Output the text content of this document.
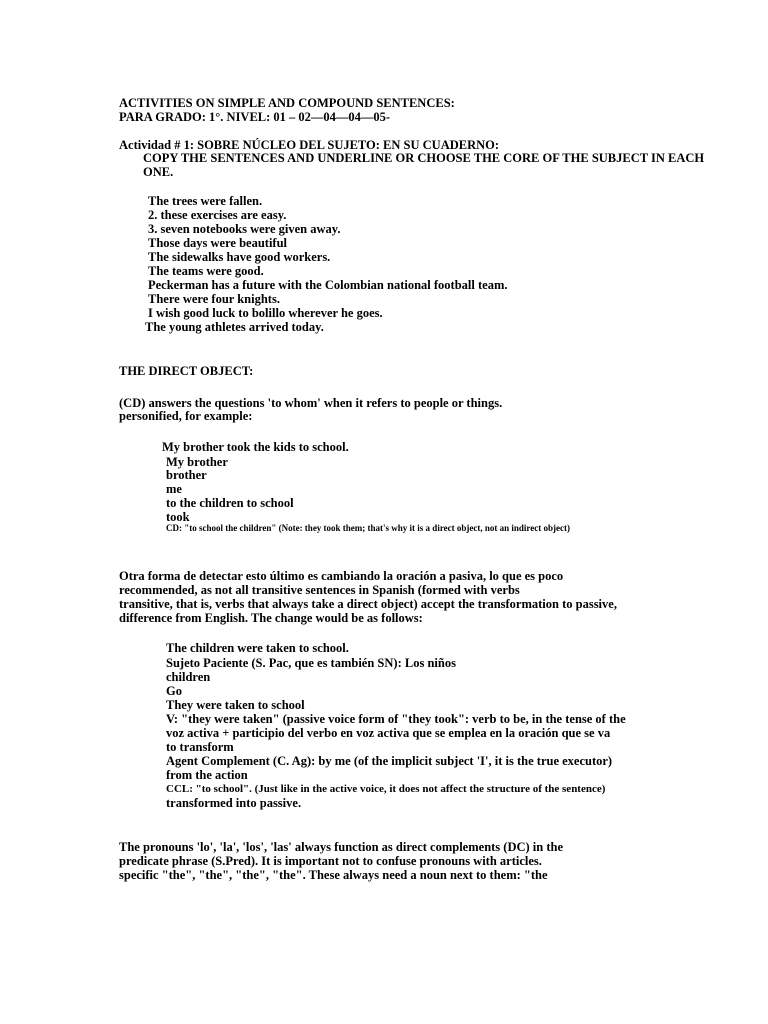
ACTIVITIES ON SIMPLE AND COMPOUND SENTENCES:
PARA GRADO: 1°. NIVEL: 01 – 02—04—04—05-
Actividad # 1: SOBRE NÚCLEO DEL SUJETO: EN SU CUADERNO:
COPY THE SENTENCES AND UNDERLINE OR CHOOSE THE CORE OF THE SUBJECT IN EACH
ONE.
The trees were fallen.
2. these exercises are easy.
3. seven notebooks were given away.
Those days were beautiful
The sidewalks have good workers.
The teams were good.
Peckerman has a future with the Colombian national football team.
There were four knights.
I wish good luck to bolillo wherever he goes.
The young athletes arrived today.
THE DIRECT OBJECT:
(CD) answers the questions 'to whom' when it refers to people or things.
personified, for example:
My brother took the kids to school.
My brother
brother
me
to the children to school
took
CD: "to school the children" (Note: they took them; that's why it is a direct object, not an indirect object)
Otra forma de detectar esto último es cambiando la oración a pasiva, lo que es poco
recommended, as not all transitive sentences in Spanish (formed with verbs
transitive, that is, verbs that always take a direct object) accept the transformation to passive,
difference from English. The change would be as follows:
The children were taken to school.
Sujeto Paciente (S. Pac, que es también SN): Los niños
children
Go
They were taken to school
V: "they were taken" (passive voice form of "they took": verb to be, in the tense of the
voz activa + participio del verbo en voz activa que se emplea en la oración que se va
to transform
Agent Complement (C. Ag): by me (of the implicit subject 'I', it is the true executor)
from the action
CCL: "to school". (Just like in the active voice, it does not affect the structure of the sentence)
transformed into passive.
The pronouns 'lo', 'la', 'los', 'las' always function as direct complements (DC) in the
predicate phrase (S.Pred). It is important not to confuse pronouns with articles.
specific "the", "the", "the", "the". These always need a noun next to them: "the
